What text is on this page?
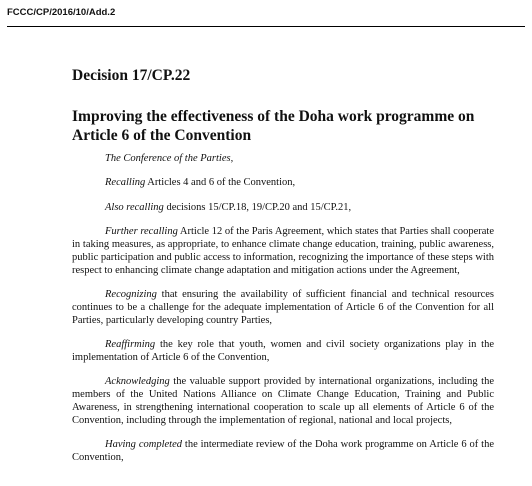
FCCC/CP/2016/10/Add.2
Decision 17/CP.22
Improving the effectiveness of the Doha work programme on Article 6 of the Convention

The Conference of the Parties,

Recalling Articles 4 and 6 of the Convention,

Also recalling decisions 15/CP.18, 19/CP.20 and 15/CP.21,

Further recalling Article 12 of the Paris Agreement, which states that Parties shall cooperate in taking measures, as appropriate, to enhance climate change education, training, public awareness, public participation and public access to information, recognizing the importance of these steps with respect to enhancing climate change adaptation and mitigation actions under the Agreement,

Recognizing that ensuring the availability of sufficient financial and technical resources continues to be a challenge for the adequate implementation of Article 6 of the Convention for all Parties, particularly developing country Parties,

Reaffirming the key role that youth, women and civil society organizations play in the implementation of Article 6 of the Convention,

Acknowledging the valuable support provided by international organizations, including the members of the United Nations Alliance on Climate Change Education, Training and Public Awareness, in strengthening international cooperation to scale up all elements of Article 6 of the Convention, including through the implementation of regional, national and local projects,

Having completed the intermediate review of the Doha work programme on Article 6 of the Convention,
